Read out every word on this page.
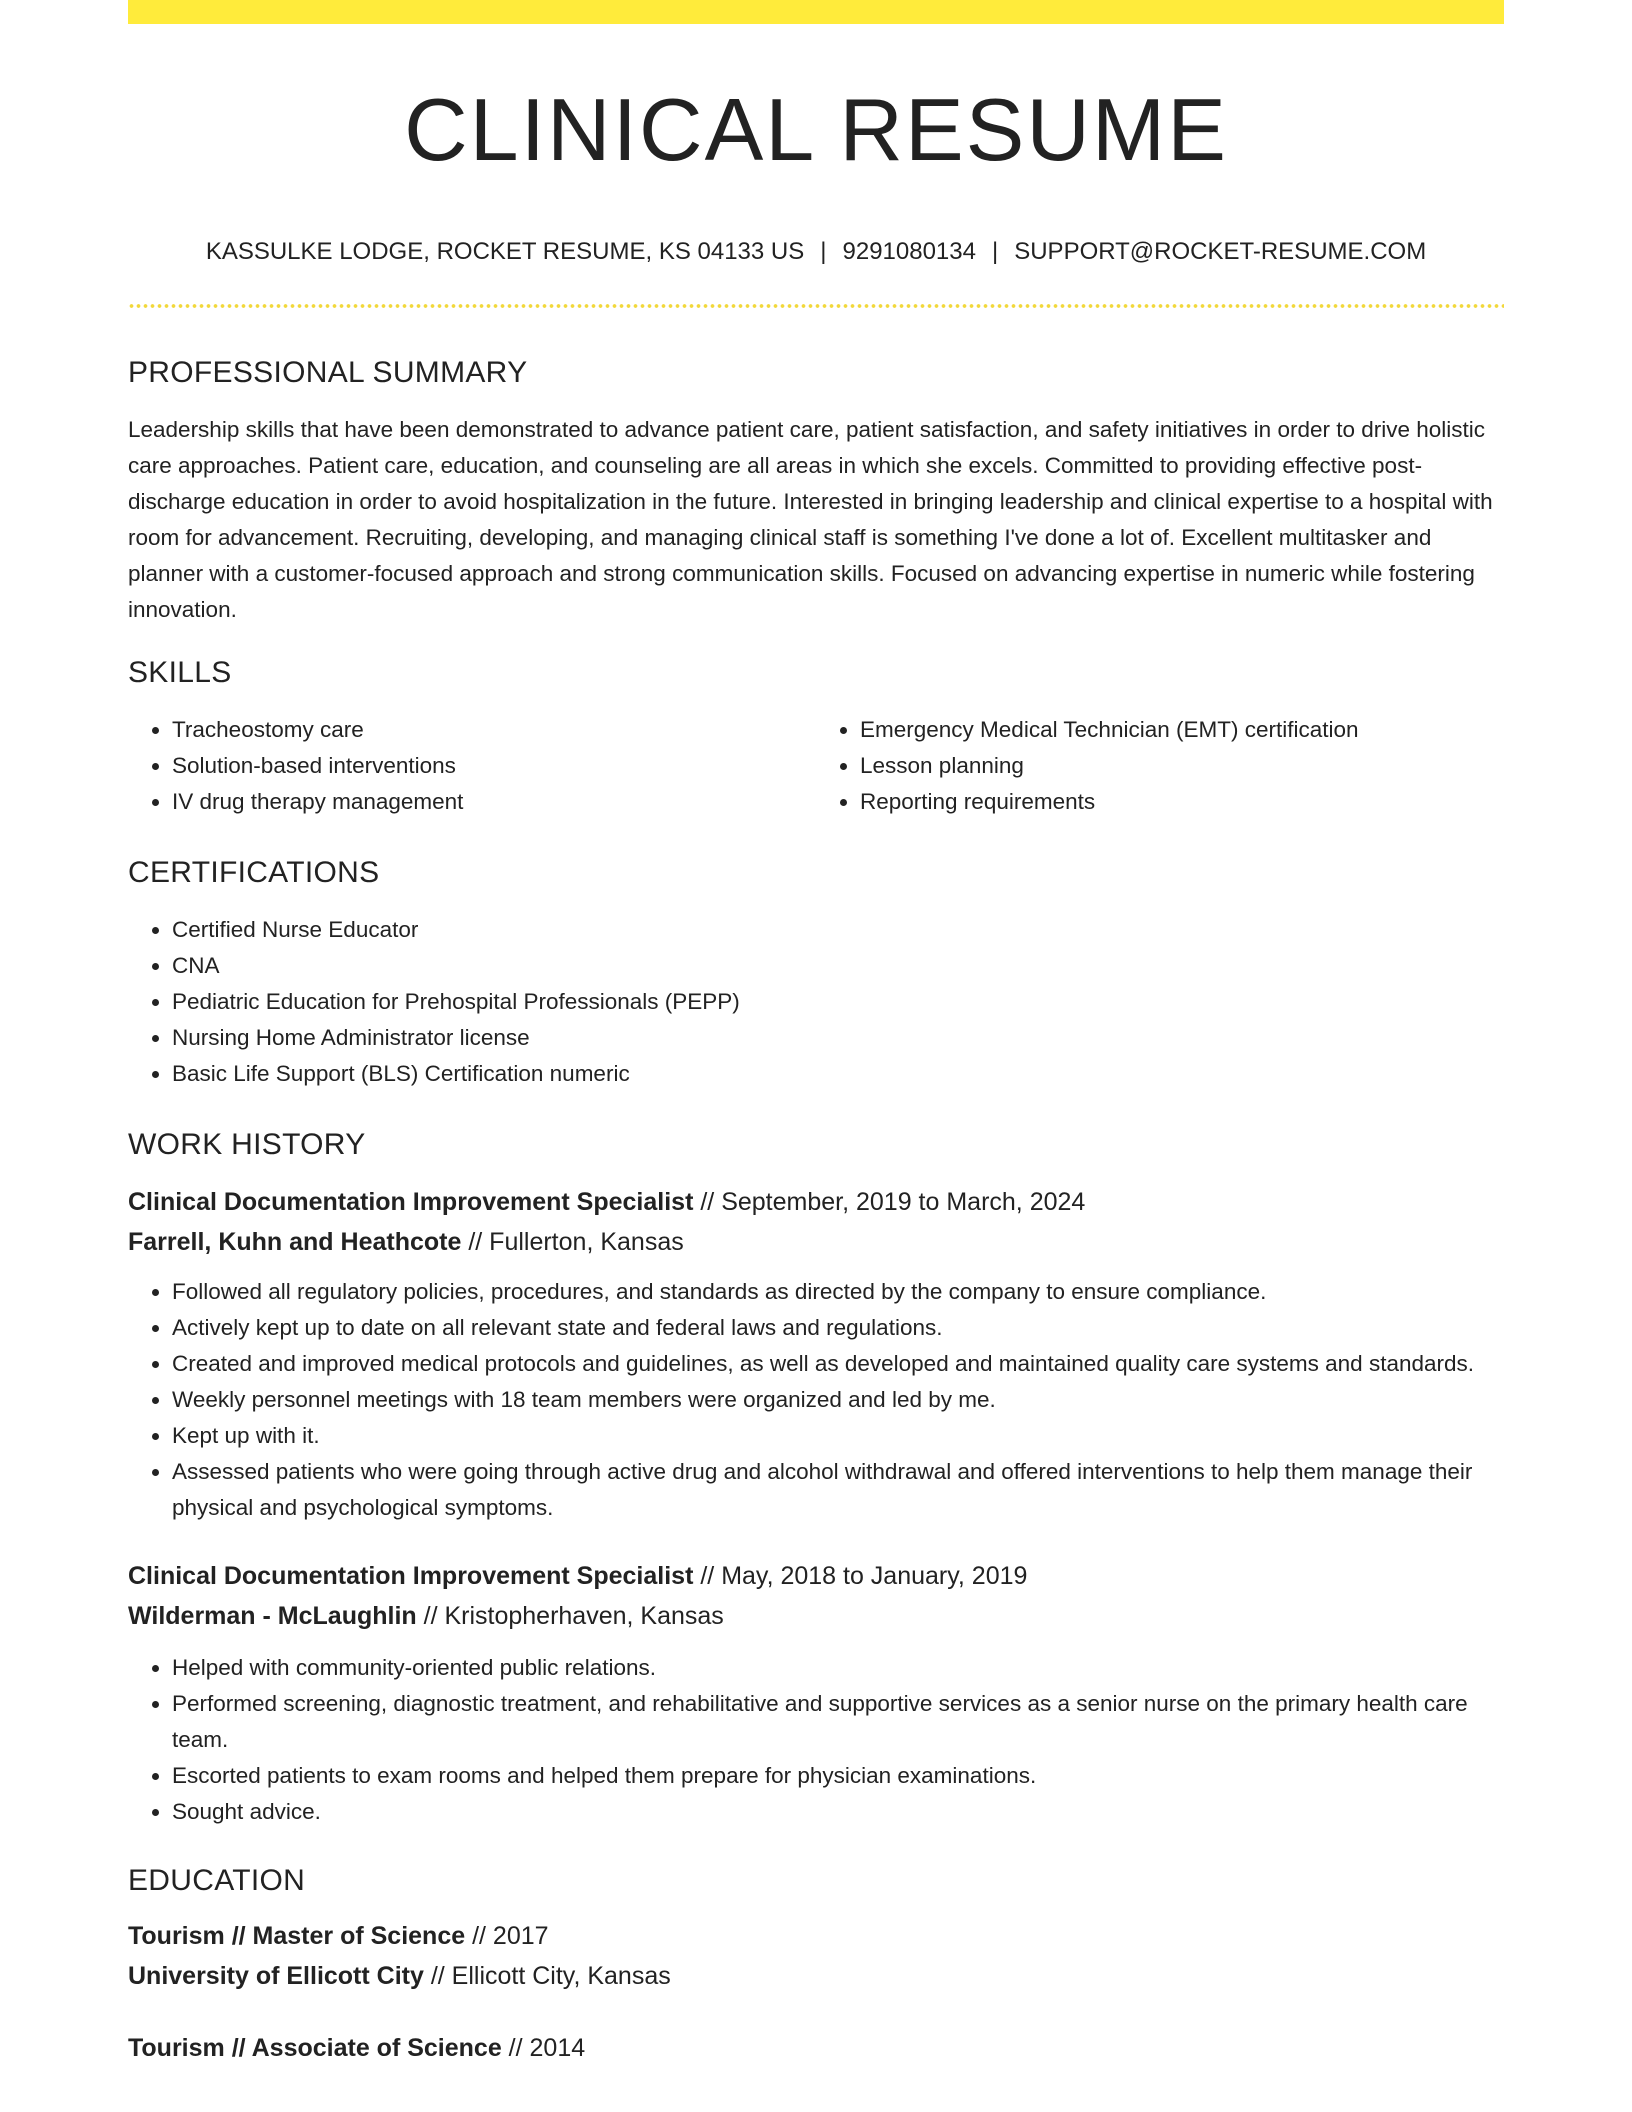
CLINICAL RESUME
KASSULKE LODGE, ROCKET RESUME, KS 04133 US | 9291080134 | SUPPORT@ROCKET-RESUME.COM
PROFESSIONAL SUMMARY
Leadership skills that have been demonstrated to advance patient care, patient satisfaction, and safety initiatives in order to drive holistic care approaches. Patient care, education, and counseling are all areas in which she excels. Committed to providing effective post-discharge education in order to avoid hospitalization in the future. Interested in bringing leadership and clinical expertise to a hospital with room for advancement. Recruiting, developing, and managing clinical staff is something I've done a lot of. Excellent multitasker and planner with a customer-focused approach and strong communication skills. Focused on advancing expertise in numeric while fostering innovation.
SKILLS
• Tracheostomy care
• Solution-based interventions
• IV drug therapy management
• Emergency Medical Technician (EMT) certification
• Lesson planning
• Reporting requirements
CERTIFICATIONS
• Certified Nurse Educator
• CNA
• Pediatric Education for Prehospital Professionals (PEPP)
• Nursing Home Administrator license
• Basic Life Support (BLS) Certification numeric
WORK HISTORY
Clinical Documentation Improvement Specialist // September, 2019 to March, 2024
Farrell, Kuhn and Heathcote // Fullerton, Kansas
• Followed all regulatory policies, procedures, and standards as directed by the company to ensure compliance.
• Actively kept up to date on all relevant state and federal laws and regulations.
• Created and improved medical protocols and guidelines, as well as developed and maintained quality care systems and standards.
• Weekly personnel meetings with 18 team members were organized and led by me.
• Kept up with it.
• Assessed patients who were going through active drug and alcohol withdrawal and offered interventions to help them manage their physical and psychological symptoms.
Clinical Documentation Improvement Specialist // May, 2018 to January, 2019
Wilderman - McLaughlin // Kristopherhaven, Kansas
• Helped with community-oriented public relations.
• Performed screening, diagnostic treatment, and rehabilitative and supportive services as a senior nurse on the primary health care team.
• Escorted patients to exam rooms and helped them prepare for physician examinations.
• Sought advice.
EDUCATION
Tourism // Master of Science // 2017
University of Ellicott City // Ellicott City, Kansas
Tourism // Associate of Science // 2014
